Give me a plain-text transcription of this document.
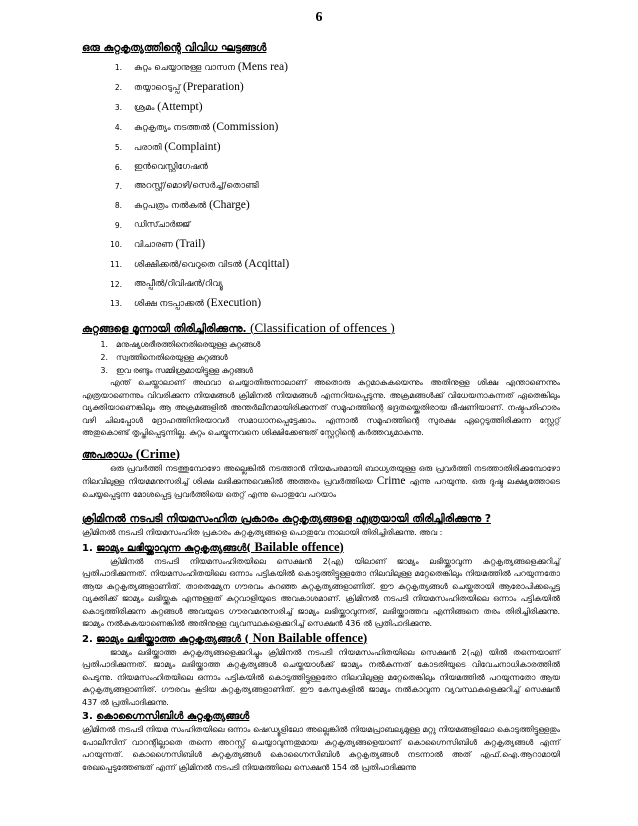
6

ഒരു കുറ്റകൃത്യത്തിന്റെ വിവിധ ഘട്ടങ്ങൾ

1.	കുറ്റം ചെയ്യാനുള്ള വാസന (Mens rea)
2.	തയ്യാറെടുപ്പ് (Preparation)
3.	ശ്രമം (Attempt)
4.	കുറ്റകൃത്യം നടത്തൽ (Commission)
5.	പരാതി (Complaint)
6.	ഇൻവെസ്റ്റിഗേഷൻ
7.	അറസ്റ്റ്/മൊഴി/സെർച്ച്/തൊണ്ടി
8.	കുറ്റപത്രം നൽകൽ (Charge)
9.	ഡിസ്ചാർജ്ജ്
10.	വിചാരണ (Trail)
11.	ശിക്ഷിക്കൽ/വെറുതെ വിടൽ (Acqittal)
12.	അപ്പീൽ/റിവിഷൻ/റിവ്യൂ
13.	ശിക്ഷ നടപ്പാക്കൽ (Execution)

കുറ്റങ്ങളെ മൂന്നായി തിരിച്ചിരിക്കുന്നു. (Classification of offences )

1.	മനുഷ്യശരീരത്തിനെതിരെയുള്ള കുറ്റങ്ങൾ
2.	സ്വത്തിനെതിരെയുള്ള കുറ്റങ്ങൾ
3.	ഇവ രണ്ടും സമ്മിശ്രമായിട്ടുള്ള കുറ്റങ്ങൾ

എന്ത് ചെയ്താലാണ് അഥവാ ചെയ്യാതിരുന്നാലാണ് അതൊരു കുറ്റമാകുകയെന്നും അതിനുള്ള ശിക്ഷ എന്താണെന്നും എത്രയാണെന്നും വിവരിക്കുന്ന നിയമങ്ങൾ ക്രിമിനൽ നിയമങ്ങൾ എന്നറിയപ്പെടുന്നു. അക്രമങ്ങൾക്ക് വിധേയനാകുന്നത് ഏതെങ്കിലും വ്യക്തിയാണെങ്കിലും ആ അക്രമങ്ങളിൽ അന്തർലീനമായിരിക്കുന്നത് സമൂഹത്തിന്റെ ഭദ്രതയ്ക്കെതിരായ ഭീഷണിയാണ്. നഷ്ടപരിഹാരം വഴി ചിലപ്പോൾ ദ്രോഹത്തിനിരയാവർ സമാധാനപ്പെട്ടേക്കാം. എന്നാൽ സമൂഹത്തിന്റെ സുരക്ഷ ഏറ്റെടുത്തിരിക്കുന്ന സ്റ്റേറ്റ് അതുകൊണ്ട് തൃപ്തിപ്പെടുന്നില്ല. കുറ്റം ചെയ്യുന്നവനെ ശിക്ഷിക്കേണ്ടത് സ്റ്റേറ്റിന്റെ കർത്തവ്യമാകുന്നു.

അപരാധം (Crime)

ഒരു പ്രവർത്തി നടത്തുമ്പോഴോ അല്ലെങ്കിൽ നടത്താൻ നിയമപരമായി ബാധ്യതയുള്ള ഒരു പ്രവർത്തി നടത്താതിരിക്കുമ്പോഴോ നിലവിലുള്ള നിയമമനുസരിച്ച് ശിക്ഷ ലഭിക്കുന്നുവെങ്കിൽ അത്തരം പ്രവർത്തിയെ Crime എന്നു പറയുന്നു. ഒരു ദുഷ്ട ലക്ഷ്യത്തോടെ ചെയ്യപ്പെടുന്ന മോശപ്പെട്ട പ്രവർത്തിയെ തെറ്റ് എന്നു പൊതുവേ പറയാം

ക്രിമിനൽ നടപടി നിയമസംഹിത പ്രകാരം കുറ്റകൃത്യങ്ങളെ എത്രയായി തിരിച്ചിരിക്കുന്നു ?

ക്രിമിനൽ നടപടി നിയമസംഹിത പ്രകാരം കുറ്റകൃത്യങ്ങളെ പൊതുവേ നാലായി തിരിച്ചിരിക്കുന്നു. അവ :

1. ജാമ്യം ലഭിയ്ക്കാവുന്ന കുറ്റകൃത്യങ്ങൾ( Bailable offence)

ക്രിമിനൽ നടപടി നിയമസംഹിതയിലെ സെക്ഷൻ 2(എ) യിലാണ് ജാമ്യം ലഭിയ്ക്കാവുന്ന കുറ്റകൃത്യങ്ങളെക്കുറിച്ച് പ്രതിപാദിക്കുന്നത്. നിയമസംഹിതയിലെ ഒന്നാം പട്ടികയിൽ കൊടുത്തിട്ടുള്ളതോ നിലവിലുള്ള മറ്റേതെങ്കിലും നിയമത്തിൽ പറയുന്നതോ ആയ കുറ്റകൃത്യങ്ങളാണിത്. താരതമ്യേന ഗൗരവം കുറഞ്ഞ കുറ്റകൃത്യങ്ങളാണിത്. ഈ കുറ്റകൃത്യങ്ങൾ ചെയ്തതായി ആരോപിക്കപ്പെട്ട വ്യക്തിക്ക് ജാമ്യം ലഭിയ്ക്കുക എന്നുള്ളത് കുറ്റവാളിയുടെ അവകാശമാണ്. ക്രിമിനൽ നടപടി നിയമസംഹിതയിലെ ഒന്നാം പട്ടികയിൽ കൊടുത്തിരിക്കുന്ന കുറ്റങ്ങൾ അവയുടെ ഗൗരവമനുസരിച്ച് ജാമ്യം ലഭിയ്ക്കാവുന്നത്, ലഭിയ്ക്കാത്തവ എന്നിങ്ങനെ തരം തിരിച്ചിരിക്കുന്നു. ജാമ്യം നൽകുകയാണെങ്കിൽ അതിനുള്ള വ്യവസ്ഥകളെക്കുറിച്ച് സെക്ഷൻ 436 ൽ പ്രതിപാദിക്കുന്നു.

2. ജാമ്യം ലഭിയ്ക്കാത്ത കുറ്റകൃത്യങ്ങൾ ( Non Bailable offence)

ജാമ്യം ലഭിയ്ക്കാത്ത കുറ്റകൃത്യങ്ങളെക്കുറിച്ചും ക്രിമിനൽ നടപടി നിയമസംഹിതയിലെ സെക്ഷൻ 2(എ) യിൽ തന്നെയാണ് പ്രതിപാദിക്കുന്നത്. ജാമ്യം ലഭിയ്ക്കാത്ത കുറ്റകൃത്യങ്ങൾ ചെയ്തയാൾക്ക് ജാമ്യം നൽകുന്നത് കോടതിയുടെ വിവേചനാധികാരത്തിൽ പെടുന്നു. നിയമസംഹിതയിലെ ഒന്നാം പട്ടികയിൽ കൊടുത്തിട്ടുള്ളതോ നിലവിലുള്ള മറ്റേതെങ്കിലും നിയമത്തിൽ പറയുന്നതോ ആയ കുറ്റകൃത്യങ്ങളാണിത്. ഗൗരവം കൂടിയ കുറ്റകൃത്യങ്ങളാണിത്. ഈ കേസുകളിൽ ജാമ്യം നൽകാവുന്ന വ്യവസ്ഥകളെക്കുറിച്ച് സെക്ഷൻ 437 ൽ പ്രതിപാദിക്കുന്നു.

3. കൊഗ്നൈസിബിൾ കുറ്റകൃത്യങ്ങൾ

ക്രിമിനൽ നടപടി നിയമ സംഹിതയിലെ ഒന്നാം ഷെഡ്യൂളിലോ അല്ലെങ്കിൽ നിയമപ്രാബല്യമുള്ള മറ്റു നിയമങ്ങളിലോ കൊടുത്തിട്ടുള്ളതും പോലീസിന് വാറന്റില്ലാതെ തന്നെ അറസ്റ്റ് ചെയ്യാവുന്നതുമായ കുറ്റകൃത്യങ്ങളെയാണ് കൊഗ്നൈസിബിൾ കുറ്റകൃത്യങ്ങൾ എന്ന് പറയുന്നത്. കൊഗ്നൈസിബിൾ കുറ്റകൃത്യങ്ങൾ കൊഗ്നൈസിബിൾ കുറ്റകൃത്യങ്ങൾ നടന്നാൽ അത് എഫ്.ഐ.ആറാമായി രേഖപ്പെടുത്തേണ്ടത് എന്ന് ക്രിമിനൽ നടപടി നിയമത്തിലെ സെക്ഷൻ 154 ൽ പ്രതിപാദിക്കുന്നു
